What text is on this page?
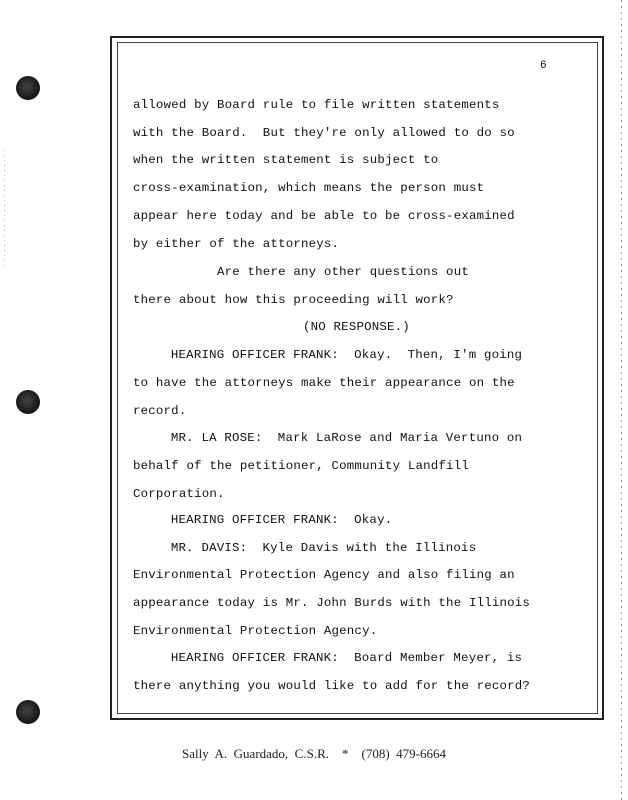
6
allowed by Board rule to file written statements
with the Board.  But they're only allowed to do so
when the written statement is subject to
cross-examination, which means the person must
appear here today and be able to be cross-examined
by either of the attorneys.
Are there any other questions out
there about how this proceeding will work?
(NO RESPONSE.)
HEARING OFFICER FRANK:  Okay.  Then, I'm going
to have the attorneys make their appearance on the
record.
MR. LA ROSE:  Mark LaRose and Maria Vertuno on
behalf of the petitioner, Community Landfill
Corporation.
HEARING OFFICER FRANK:  Okay.
MR. DAVIS:  Kyle Davis with the Illinois
Environmental Protection Agency and also filing an
appearance today is Mr. John Burds with the Illinois
Environmental Protection Agency.
HEARING OFFICER FRANK:  Board Member Meyer, is
there anything you would like to add for the record?
Sally  A.  Guardado,  C.S.R.    *    (708)  479-6664
